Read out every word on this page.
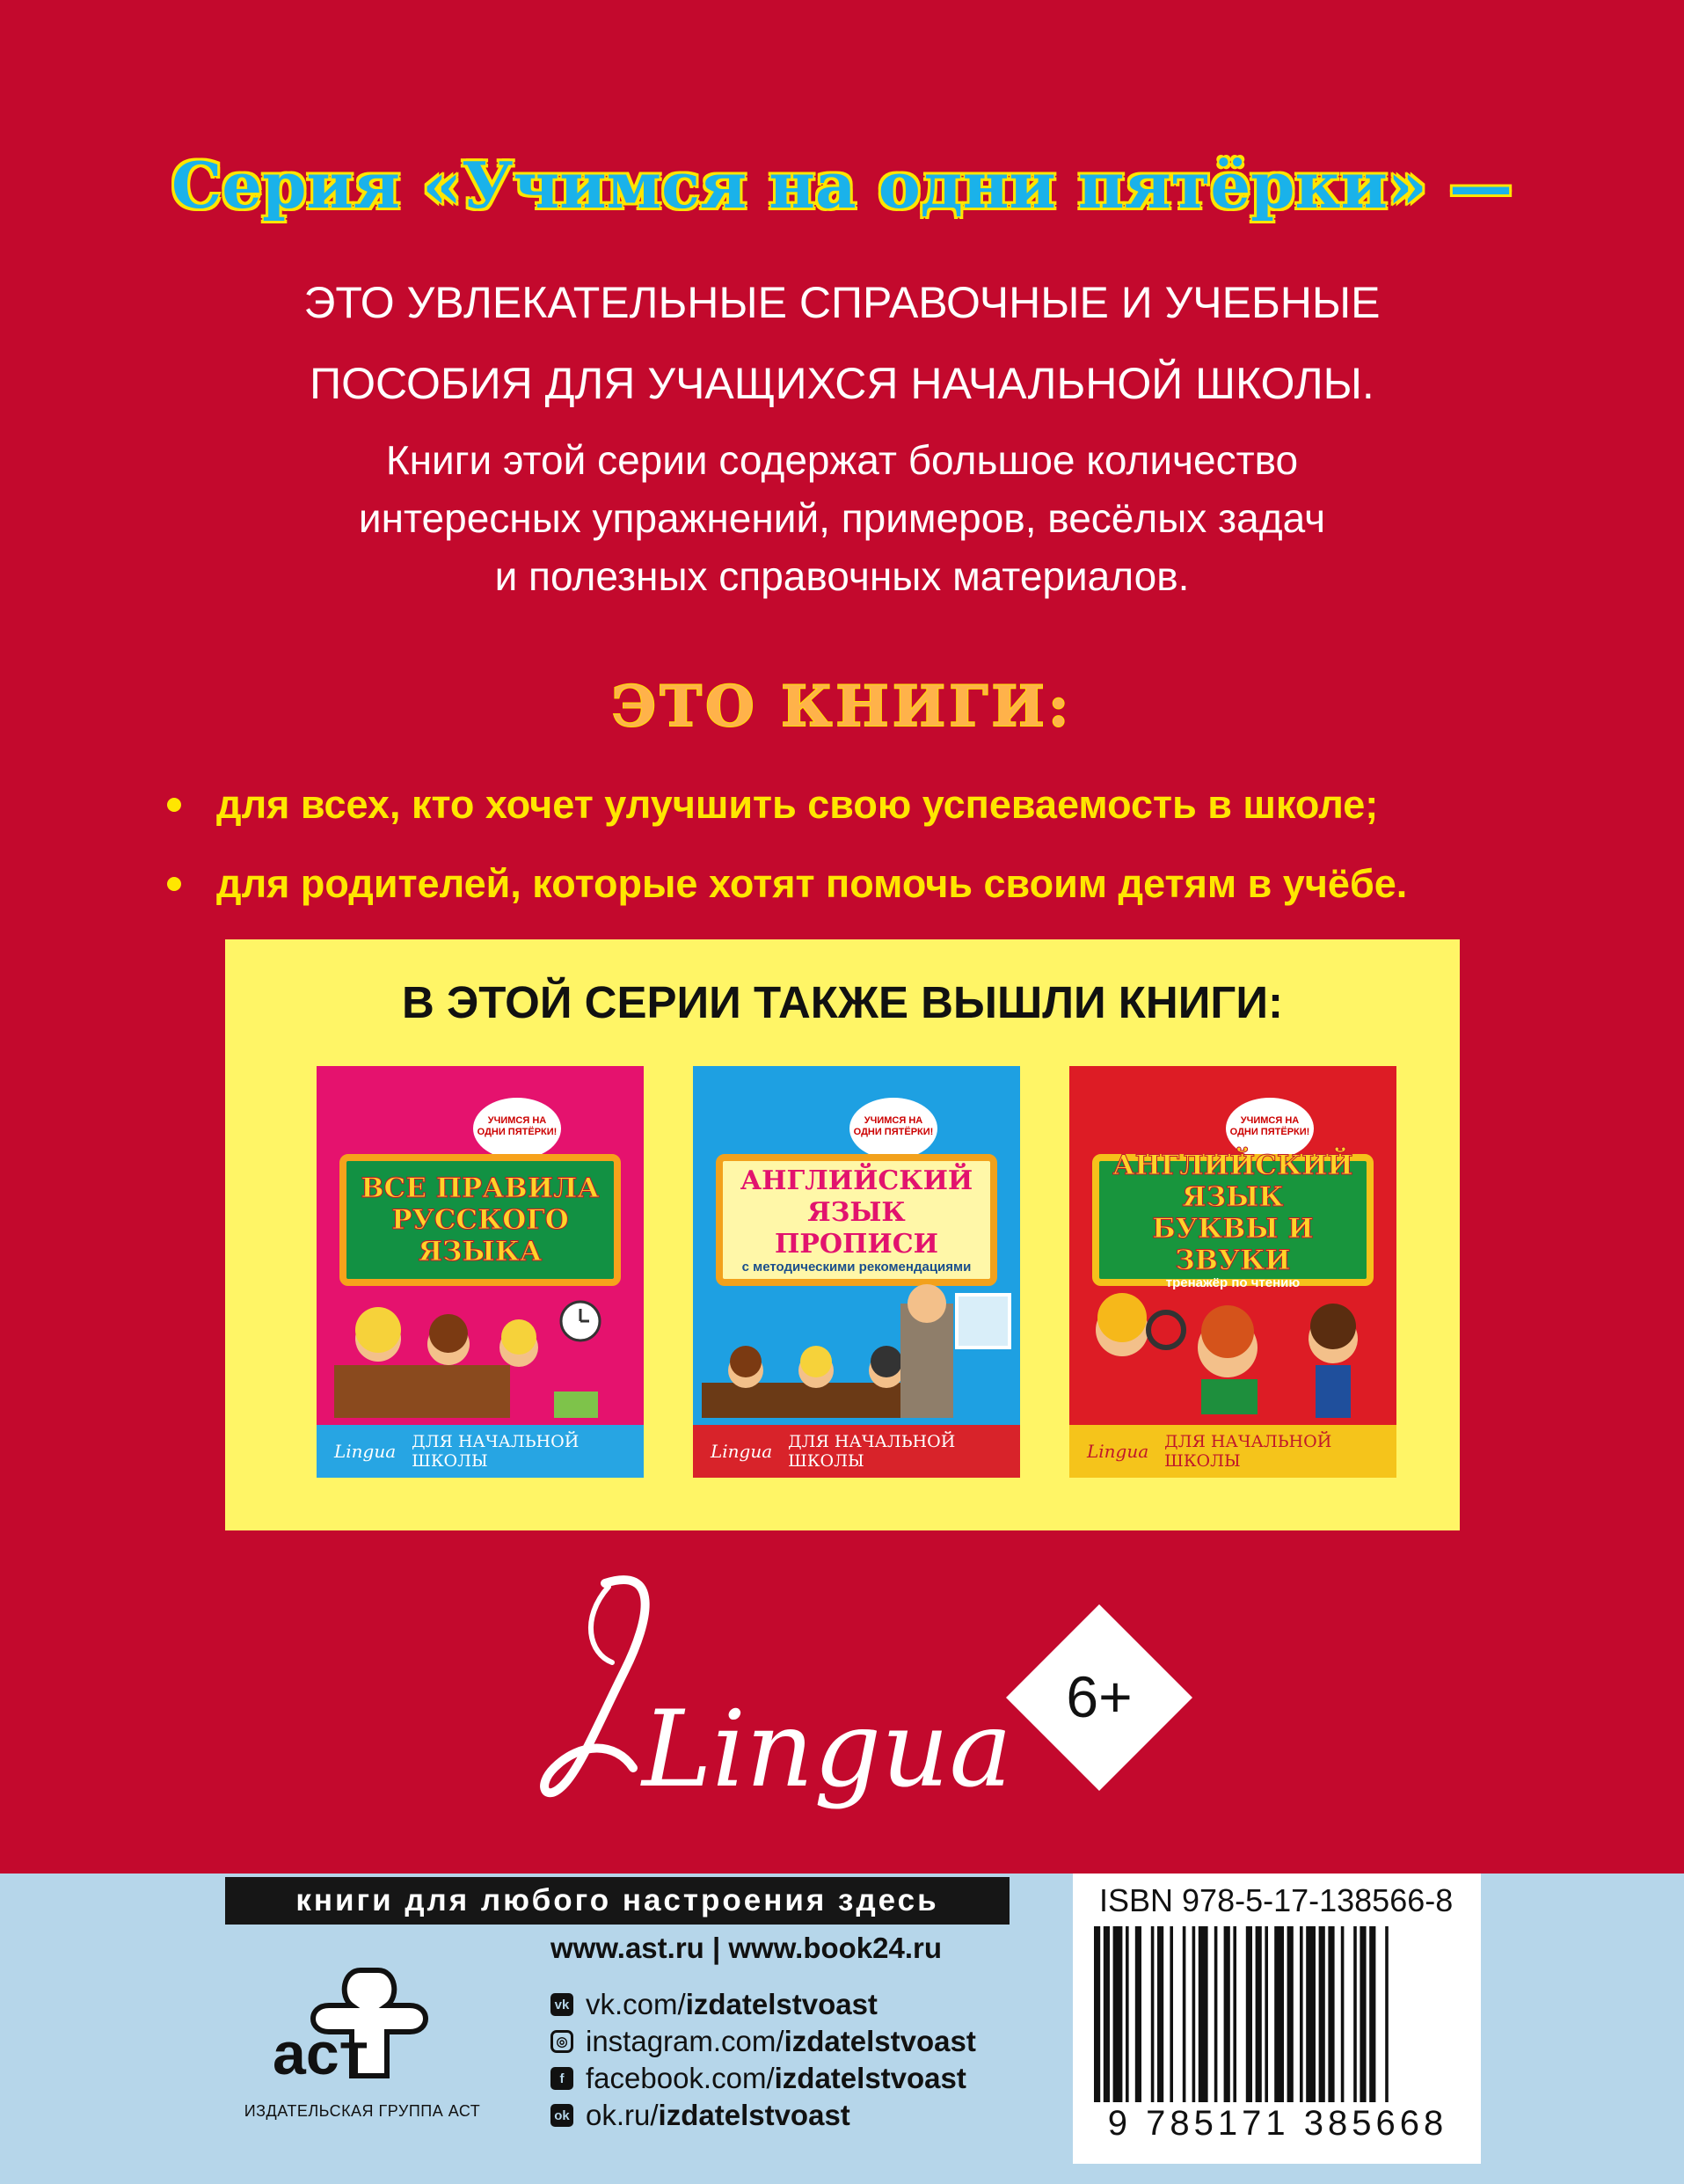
Серия «Учимся на одни пятёрки» —
ЭТО УВЛЕКАТЕЛЬНЫЕ СПРАВОЧНЫЕ И УЧЕБНЫЕ
ПОСОБИЯ ДЛЯ УЧАЩИХСЯ НАЧАЛЬНОЙ ШКОЛЫ.
Книги этой серии содержат большое количество
интересных упражнений, примеров, весёлых задач
и полезных справочных материалов.
ЭТО КНИГИ:
для всех, кто хочет улучшить свою успеваемость в школе;
для родителей, которые хотят помочь своим детям в учёбе.
В ЭТОЙ СЕРИИ ТАКЖЕ ВЫШЛИ КНИГИ:
УЧИМСЯ НА ОДНИ ПЯТЁРКИ!
ВСЕ ПРАВИЛА
РУССКОГО
ЯЗЫКА
Lingua ДЛЯ НАЧАЛЬНОЙ ШКОЛЫ
УЧИМСЯ НА ОДНИ ПЯТЁРКИ!
АНГЛИЙСКИЙ
ЯЗЫК
ПРОПИСИ
с методическими рекомендациями
Lingua ДЛЯ НАЧАЛЬНОЙ ШКОЛЫ
УЧИМСЯ НА ОДНИ ПЯТЁРКИ!
АНГЛИЙСКИЙ
ЯЗЫК
БУКВЫ И ЗВУКИ
тренажёр по чтению
Lingua ДЛЯ НАЧАЛЬНОЙ ШКОЛЫ
Lingua 6+
книги для любого настроения здесь
www.ast.ru | www.book24.ru
аст
ИЗДАТЕЛЬСКАЯ ГРУППА АСТ
vk vk.com/ izdatelstvoast
◎ instagram.com/ izdatelstvoast
f facebook.com/ izdatelstvoast
ok ok.ru/ izdatelstvoast
ISBN 978-5-17-138566-8
9 785171 385668
